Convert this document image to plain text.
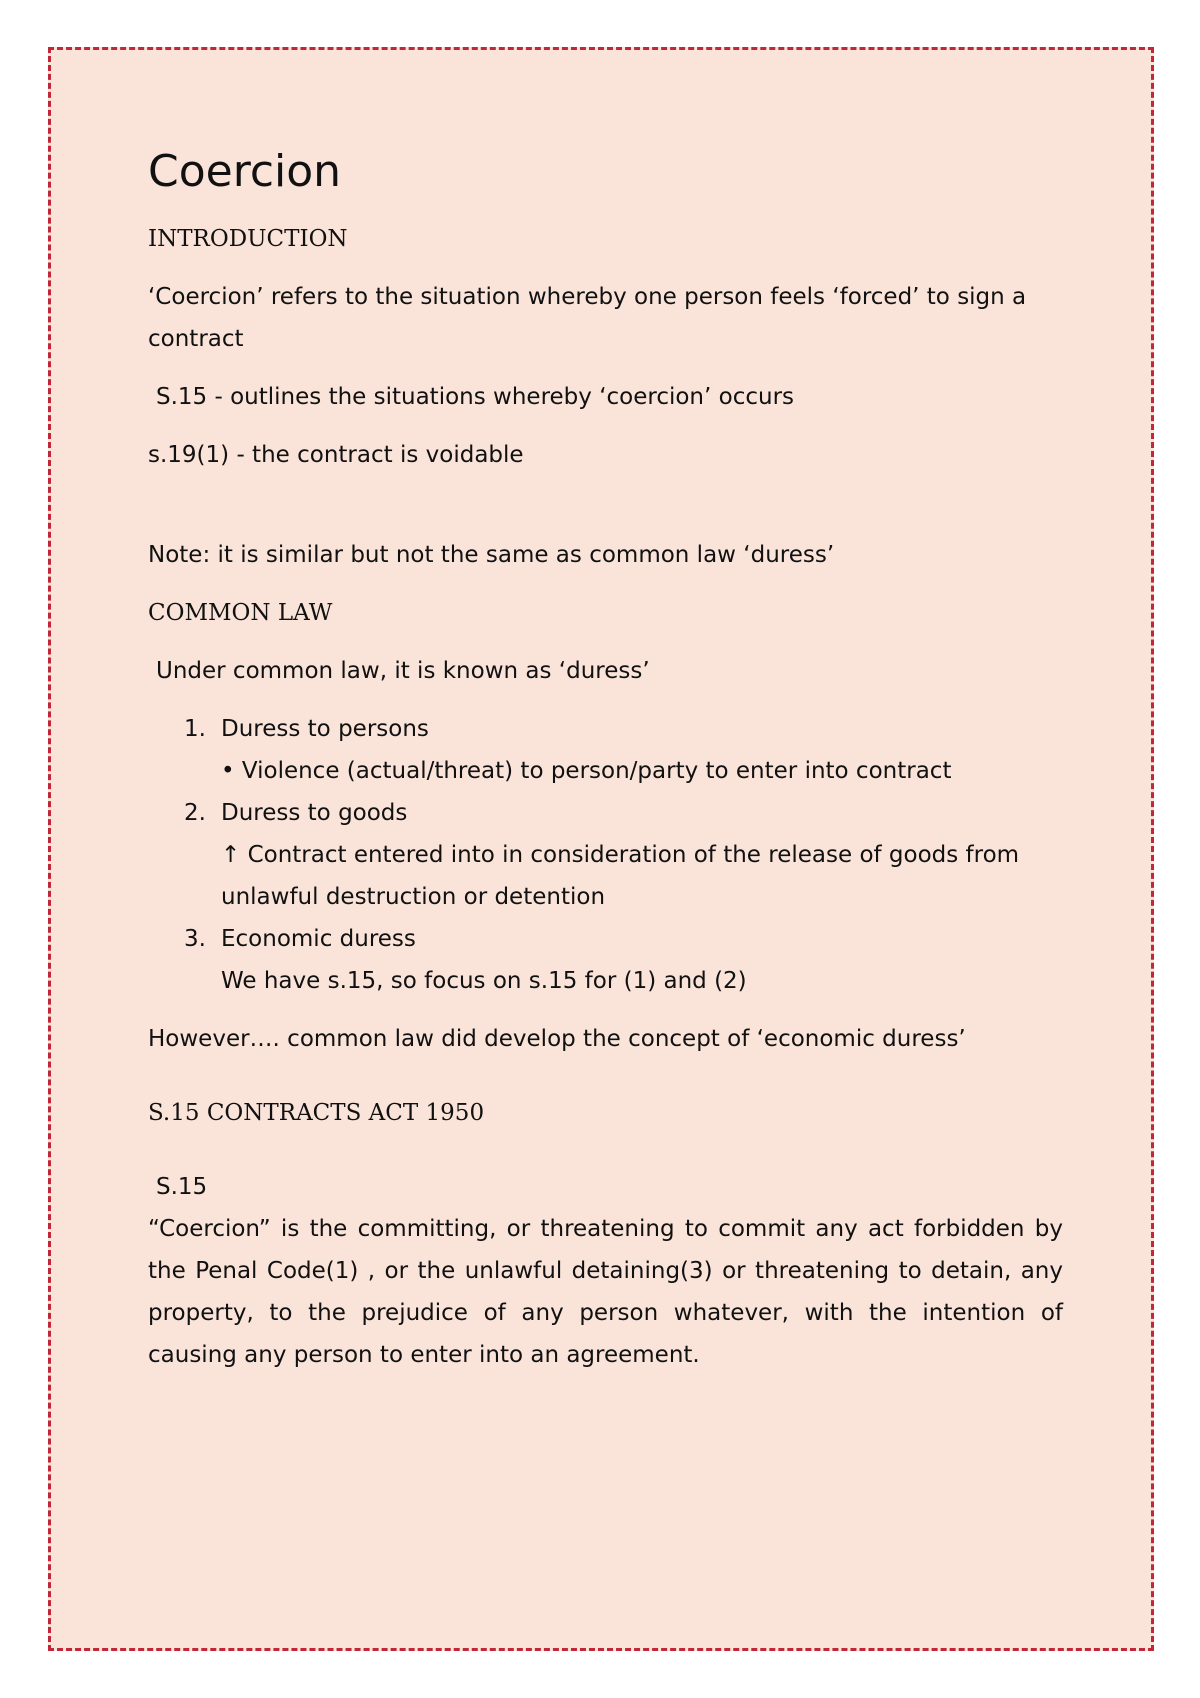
Coercion
INTRODUCTION
‘Coercion’ refers to the situation whereby one person feels ‘forced’ to sign a contract
S.15 - outlines the situations whereby ‘coercion’ occurs
s.19(1) - the contract is voidable
Note: it is similar but not the same as common law ‘duress’
COMMON LAW
Under common law, it is known as ‘duress’
1. Duress to persons
• Violence (actual/threat) to person/party to enter into contract
2. Duress to goods
↑ Contract entered into in consideration of the release of goods from unlawful destruction or detention
3. Economic duress
We have s.15, so focus on s.15 for (1) and (2)
However…. common law did develop the concept of ‘economic duress’
S.15 CONTRACTS ACT 1950
S.15
“Coercion” is the committing, or threatening to commit any act forbidden by the Penal Code(1) , or the unlawful detaining(3) or threatening to detain, any property, to the prejudice of any person whatever, with the intention of causing any person to enter into an agreement.
